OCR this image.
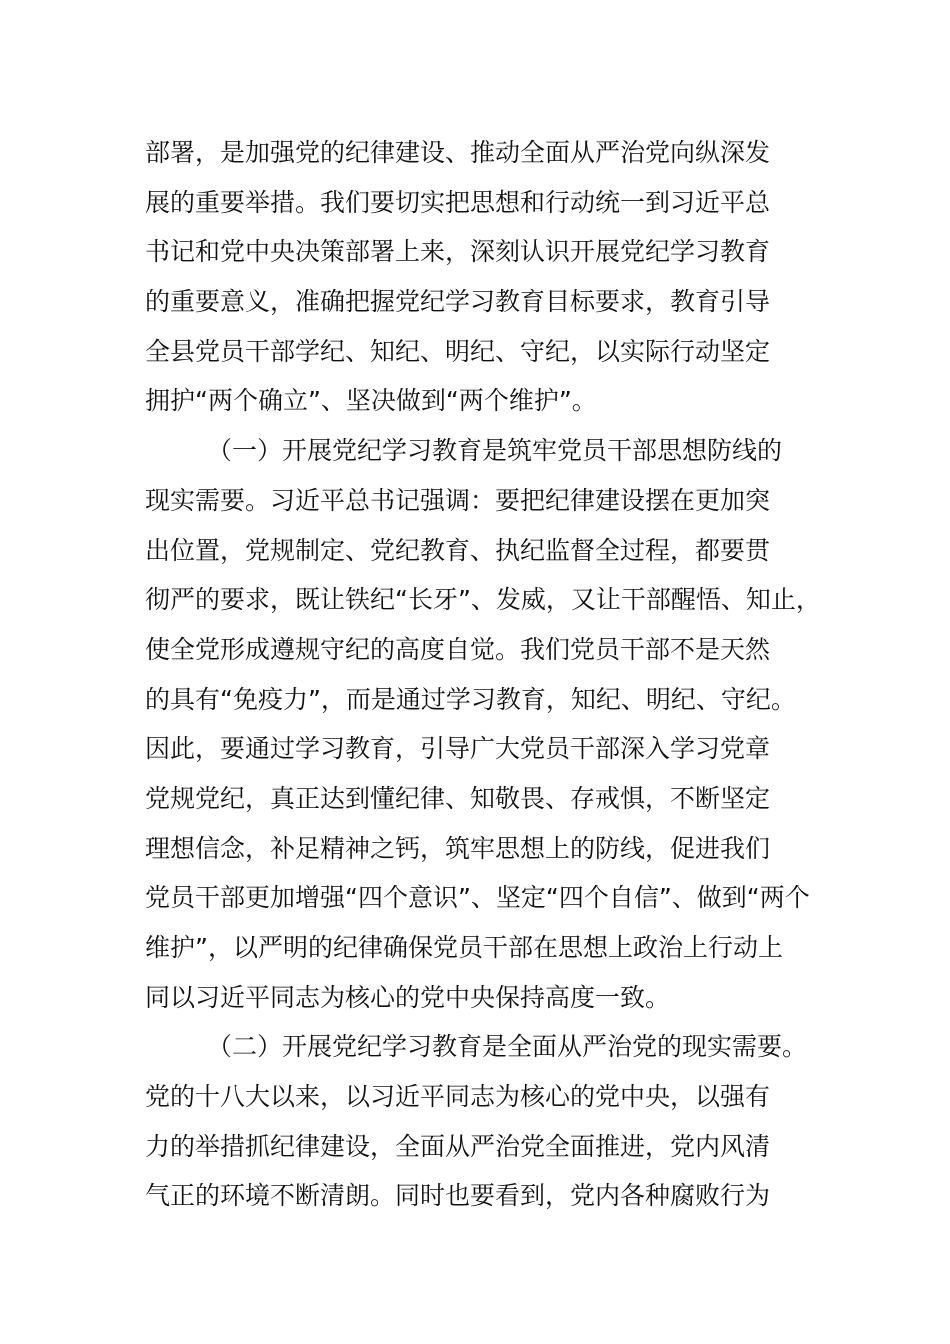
部署，是加强党的纪律建设、推动全面从严治党向纵深发
展的重要举措。我们要切实把思想和行动统一到习近平总
书记和党中央决策部署上来，深刻认识开展党纪学习教育
的重要意义，准确把握党纪学习教育目标要求，教育引导
全县党员干部学纪、知纪、明纪、守纪，以实际行动坚定
拥护“两个确立”、坚决做到“两个维护”。
（一）开展党纪学习教育是筑牢党员干部思想防线的
现实需要。习近平总书记强调：要把纪律建设摆在更加突
出位置，党规制定、党纪教育、执纪监督全过程，都要贯
彻严的要求，既让铁纪“长牙”、发威，又让干部醒悟、知止，
使全党形成遵规守纪的高度自觉。我们党员干部不是天然
的具有“免疫力”，而是通过学习教育，知纪、明纪、守纪。
因此，要通过学习教育，引导广大党员干部深入学习党章
党规党纪，真正达到懂纪律、知敬畏、存戒惧，不断坚定
理想信念，补足精神之钙，筑牢思想上的防线，促进我们
党员干部更加增强“四个意识”、坚定“四个自信”、做到“两个
维护”，以严明的纪律确保党员干部在思想上政治上行动上
同以习近平同志为核心的党中央保持高度一致。
（二）开展党纪学习教育是全面从严治党的现实需要。
党的十八大以来，以习近平同志为核心的党中央，以强有
力的举措抓纪律建设，全面从严治党全面推进，党内风清
气正的环境不断清朗。同时也要看到，党内各种腐败行为
